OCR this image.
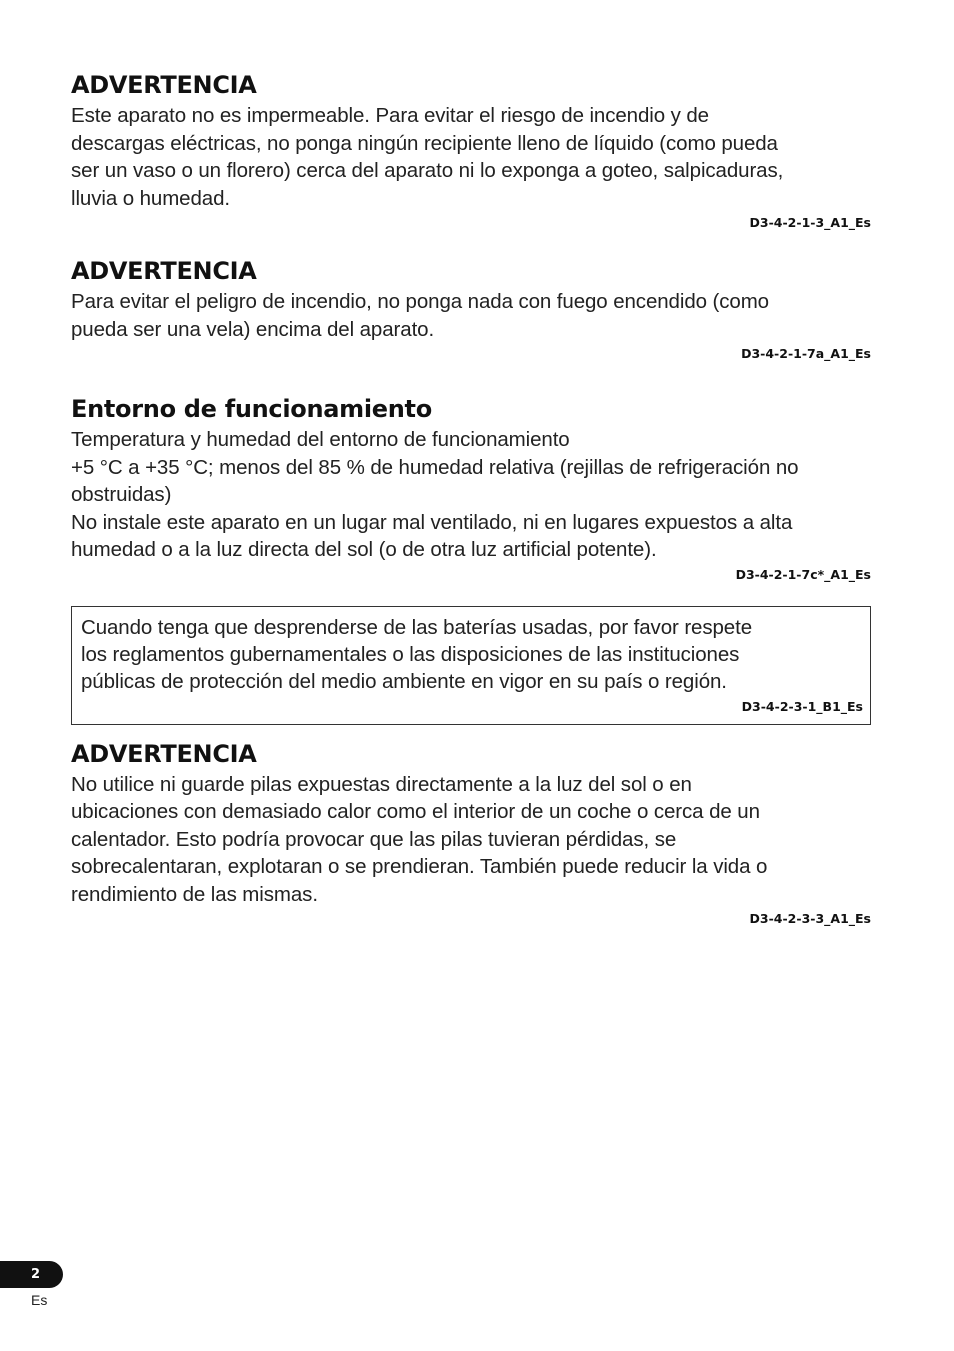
ADVERTENCIA
Este aparato no es impermeable. Para evitar el riesgo de incendio y de
descargas eléctricas, no ponga ningún recipiente lleno de líquido (como pueda
ser un vaso o un florero) cerca del aparato ni lo exponga a goteo, salpicaduras,
lluvia o humedad.
D3-4-2-1-3_A1_Es
ADVERTENCIA
Para evitar el peligro de incendio, no ponga nada con fuego encendido (como
pueda ser una vela) encima del aparato.
D3-4-2-1-7a_A1_Es
Entorno de funcionamiento
Temperatura y humedad del entorno de funcionamiento
+5 °C a +35 °C; menos del 85 % de humedad relativa (rejillas de refrigeración no
obstruidas)
No instale este aparato en un lugar mal ventilado, ni en lugares expuestos a alta
humedad o a la luz directa del sol (o de otra luz artificial potente).
D3-4-2-1-7c*_A1_Es
Cuando tenga que desprenderse de las baterías usadas, por favor respete
los reglamentos gubernamentales o las disposiciones de las instituciones
públicas de protección del medio ambiente en vigor en su país o región.
D3-4-2-3-1_B1_Es
ADVERTENCIA
No utilice ni guarde pilas expuestas directamente a la luz del sol o en
ubicaciones con demasiado calor como el interior de un coche o cerca de un
calentador. Esto podría provocar que las pilas tuvieran pérdidas, se
sobrecalentaran, explotaran o se prendieran. También puede reducir la vida o
rendimiento de las mismas.
D3-4-2-3-3_A1_Es
2
Es
